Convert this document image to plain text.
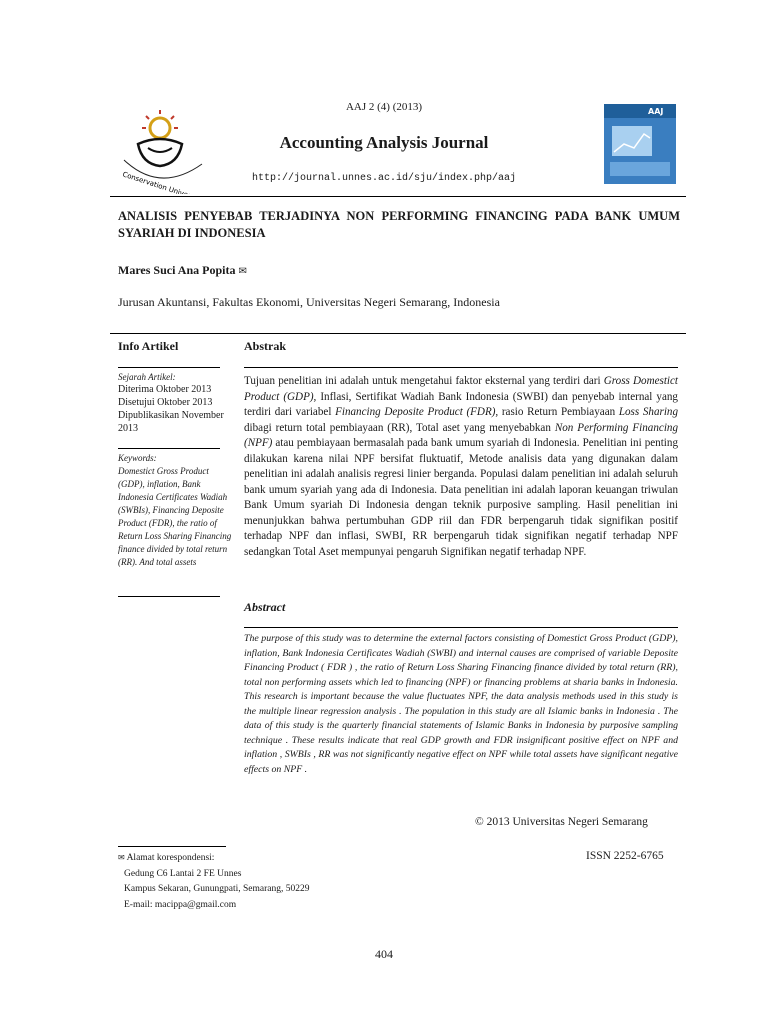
Conservation University
AAJ 2 (4) (2013)
Accounting Analysis Journal
http://journal.unnes.ac.id/sju/index.php/aaj
AAJ
ANALISIS PENYEBAB TERJADINYA NON PERFORMING FINANCING PADA BANK UMUM SYARIAH DI INDONESIA
Mares Suci Ana Popita ✉
Jurusan Akuntansi, Fakultas Ekonomi, Universitas Negeri Semarang, Indonesia
Info Artikel
Sejarah Artikel:
Diterima Oktober 2013
Disetujui Oktober 2013
Dipublikasikan November 2013
Keywords:
Domestict Gross Product (GDP), inflation, Bank Indonesia Certificates Wadiah (SWBIs), Financing Deposite Product (FDR), the ratio of Return Loss Sharing Financing finance divided by total return (RR). And total assets
Abstrak
Tujuan penelitian ini adalah untuk mengetahui faktor eksternal yang terdiri dari Gross Domestict Product (GDP), Inflasi, Sertifikat Wadiah Bank Indonesia (SWBI) dan penyebab internal yang terdiri dari variabel Financing Deposite Product (FDR), rasio Return Pembiayaan Loss Sharing dibagi return total pembiayaan (RR), Total aset yang menyebabkan Non Performing Financing (NPF) atau pembiayaan bermasalah pada bank umum syariah di Indonesia. Penelitian ini penting dilakukan karena nilai NPF bersifat fluktuatif, Metode analisis data yang digunakan dalam penelitian ini adalah analisis regresi linier berganda. Populasi dalam penelitian ini adalah seluruh bank umum syariah yang ada di Indonesia. Data penelitian ini adalah laporan keuangan triwulan Bank Umum syariah Di Indonesia dengan teknik purposive sampling. Hasil penelitian ini menunjukkan bahwa pertumbuhan GDP riil dan FDR berpengaruh tidak signifikan positif terhadap NPF dan inflasi, SWBI, RR berpengaruh tidak signifikan negatif terhadap NPF sedangkan Total Aset mempunyai pengaruh Signifikan negatif terhadap NPF.
Abstract
The purpose of this study was to determine the external factors consisting of Domestict Gross Product (GDP), inflation, Bank Indonesia Certificates Wadiah (SWBI) and internal causes are comprised of variable Deposite Financing Product ( FDR ) , the ratio of Return Loss Sharing Financing finance divided by total return (RR), total non performing assets which led to financing (NPF) or financing problems at sharia banks in Indonesia. This research is important because the value fluctuates NPF, the data analysis methods used in this study is the multiple linear regression analysis . The population in this study are all Islamic banks in Indonesia . The data of this study is the quarterly financial statements of Islamic Banks in Indonesia by purposive sampling technique . These results indicate that real GDP growth and FDR insignificant positive effect on NPF and inflation , SWBIs , RR was not significantly negative effect on NPF while total assets have significant negative effects on NPF .
© 2013 Universitas Negeri Semarang
✉ Alamat korespondensi:
Gedung C6 Lantai 2 FE Unnes
Kampus Sekaran, Gunungpati, Semarang, 50229
E-mail: macippa@gmail.com
ISSN 2252-6765
404
